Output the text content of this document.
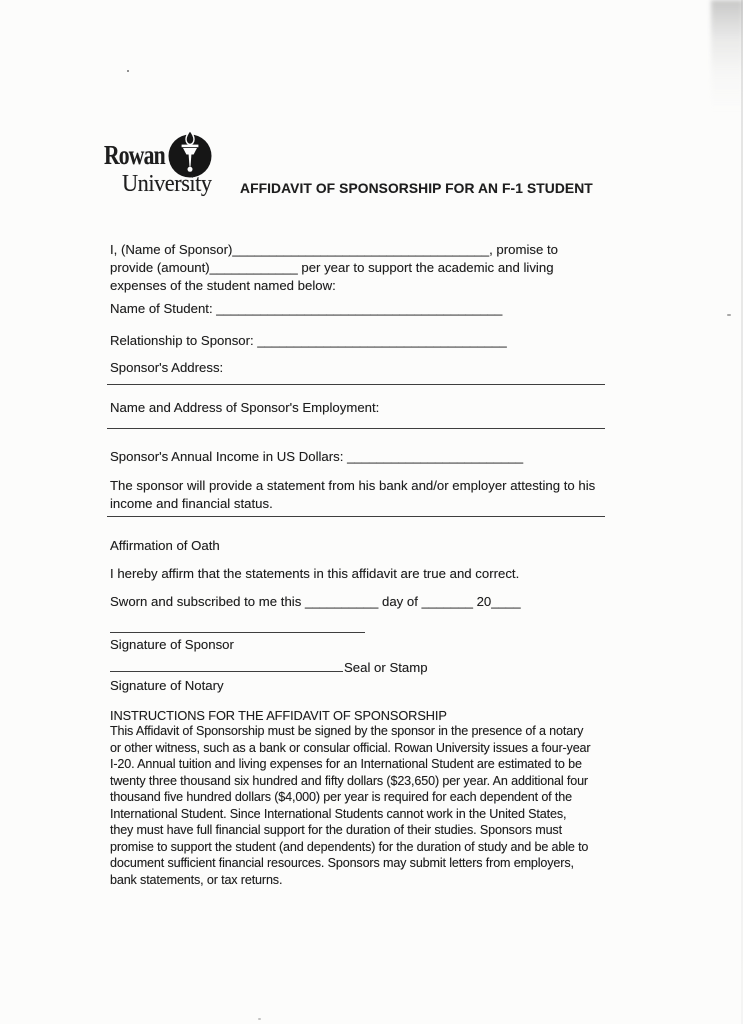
Rowan
University AFFIDAVIT OF SPONSORSHIP FOR AN F-1 STUDENT
I, (Name of Sponsor)___________________________________, promise to
provide (amount)____________ per year to support the academic and living
expenses of the student named below:
Name of Student: _______________________________________
Relationship to Sponsor: __________________________________
Sponsor's Address:
Name and Address of Sponsor's Employment:
Sponsor's Annual Income in US Dollars: ________________________
The sponsor will provide a statement from his bank and/or employer attesting to his
income and financial status.
Affirmation of Oath
I hereby affirm that the statements in this affidavit are true and correct.
Sworn and subscribed to me this __________ day of _______ 20____
Signature of Sponsor
Seal or Stamp
Signature of Notary
INSTRUCTIONS FOR THE AFFIDAVIT OF SPONSORSHIP
This Affidavit of Sponsorship must be signed by the sponsor in the presence of a notary
or other witness, such as a bank or consular official. Rowan University issues a four-year
I-20. Annual tuition and living expenses for an International Student are estimated to be
twenty three thousand six hundred and fifty dollars ($23,650) per year. An additional four
thousand five hundred dollars ($4,000) per year is required for each dependent of the
International Student. Since International Students cannot work in the United States,
they must have full financial support for the duration of their studies. Sponsors must
promise to support the student (and dependents) for the duration of study and be able to
document sufficient financial resources. Sponsors may submit letters from employers,
bank statements, or tax returns.
